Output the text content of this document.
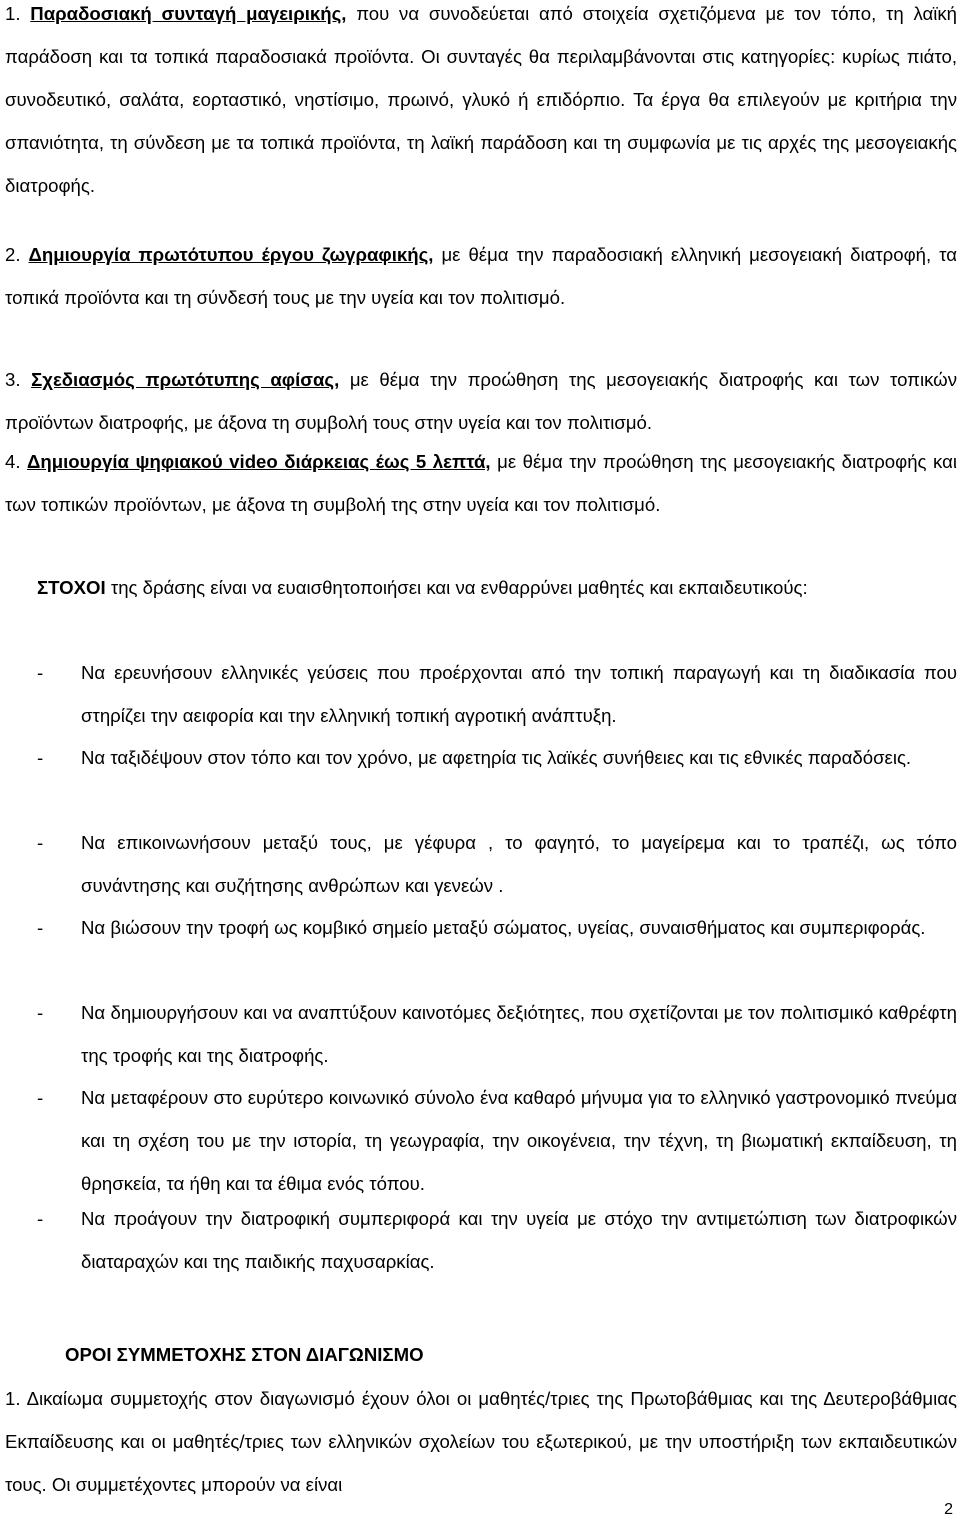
1. Παραδοσιακή συνταγή μαγειρικής, που να συνοδεύεται από στοιχεία σχετιζόμενα με τον τόπο, τη λαϊκή παράδοση και τα τοπικά παραδοσιακά προϊόντα. Οι συνταγές θα περιλαμβάνονται στις κατηγορίες: κυρίως πιάτο, συνοδευτικό, σαλάτα, εορταστικό, νηστίσιμο, πρωινό, γλυκό ή επιδόρπιο. Τα έργα θα επιλεγούν με κριτήρια την σπανιότητα, τη σύνδεση με τα τοπικά προϊόντα, τη λαϊκή παράδοση και τη συμφωνία με τις αρχές της μεσογειακής διατροφής.

2. Δημιουργία πρωτότυπου έργου ζωγραφικής, με θέμα την παραδοσιακή ελληνική μεσογειακή διατροφή, τα τοπικά προϊόντα και τη σύνδεσή τους με την υγεία και τον πολιτισμό.

3. Σχεδιασμός πρωτότυπης αφίσας, με θέμα την προώθηση της μεσογειακής διατροφής και των τοπικών προϊόντων διατροφής, με άξονα τη συμβολή τους στην υγεία και τον πολιτισμό.

4. Δημιουργία ψηφιακού video διάρκειας έως 5 λεπτά, με θέμα την προώθηση της μεσογειακής διατροφής και των τοπικών προϊόντων, με άξονα τη συμβολή της στην υγεία και τον πολιτισμό.

ΣΤΟΧΟΙ της δράσης είναι να ευαισθητοποιήσει και να ενθαρρύνει μαθητές και εκπαιδευτικούς:

- Να ερευνήσουν ελληνικές γεύσεις που προέρχονται από την τοπική παραγωγή και τη διαδικασία που στηρίζει την αειφορία και την ελληνική τοπική αγροτική ανάπτυξη.
- Να ταξιδέψουν στον τόπο και τον χρόνο, με αφετηρία τις λαϊκές συνήθειες και τις εθνικές παραδόσεις.
- Να επικοινωνήσουν μεταξύ τους, με γέφυρα , το φαγητό, το μαγείρεμα και το τραπέζι, ως τόπο συνάντησης και συζήτησης ανθρώπων και γενεών .
- Να βιώσουν την τροφή ως κομβικό σημείο μεταξύ σώματος, υγείας, συναισθήματος και συμπεριφοράς.
- Να δημιουργήσουν και να αναπτύξουν καινοτόμες δεξιότητες, που σχετίζονται με τον πολιτισμικό καθρέφτη της τροφής και της διατροφής.
- Να μεταφέρουν στο ευρύτερο κοινωνικό σύνολο ένα καθαρό μήνυμα για το ελληνικό γαστρονομικό πνεύμα και τη σχέση του με την ιστορία, τη γεωγραφία, την οικογένεια, την τέχνη, τη βιωματική εκπαίδευση, τη θρησκεία, τα ήθη και τα έθιμα ενός τόπου.
- Να προάγουν την διατροφική συμπεριφορά και την υγεία με στόχο την αντιμετώπιση των διατροφικών διαταραχών και της παιδικής παχυσαρκίας.

ΟΡΟΙ ΣΥΜΜΕΤΟΧΗΣ ΣΤΟΝ ΔΙΑΓΩΝΙΣΜΟ

1. Δικαίωμα συμμετοχής στον διαγωνισμό έχουν όλοι οι μαθητές/τριες της Πρωτοβάθμιας και της Δευτεροβάθμιας Εκπαίδευσης και οι μαθητές/τριες των ελληνικών σχολείων του εξωτερικού, με την υποστήριξη των εκπαιδευτικών τους. Οι συμμετέχοντες μπορούν να είναι

2
